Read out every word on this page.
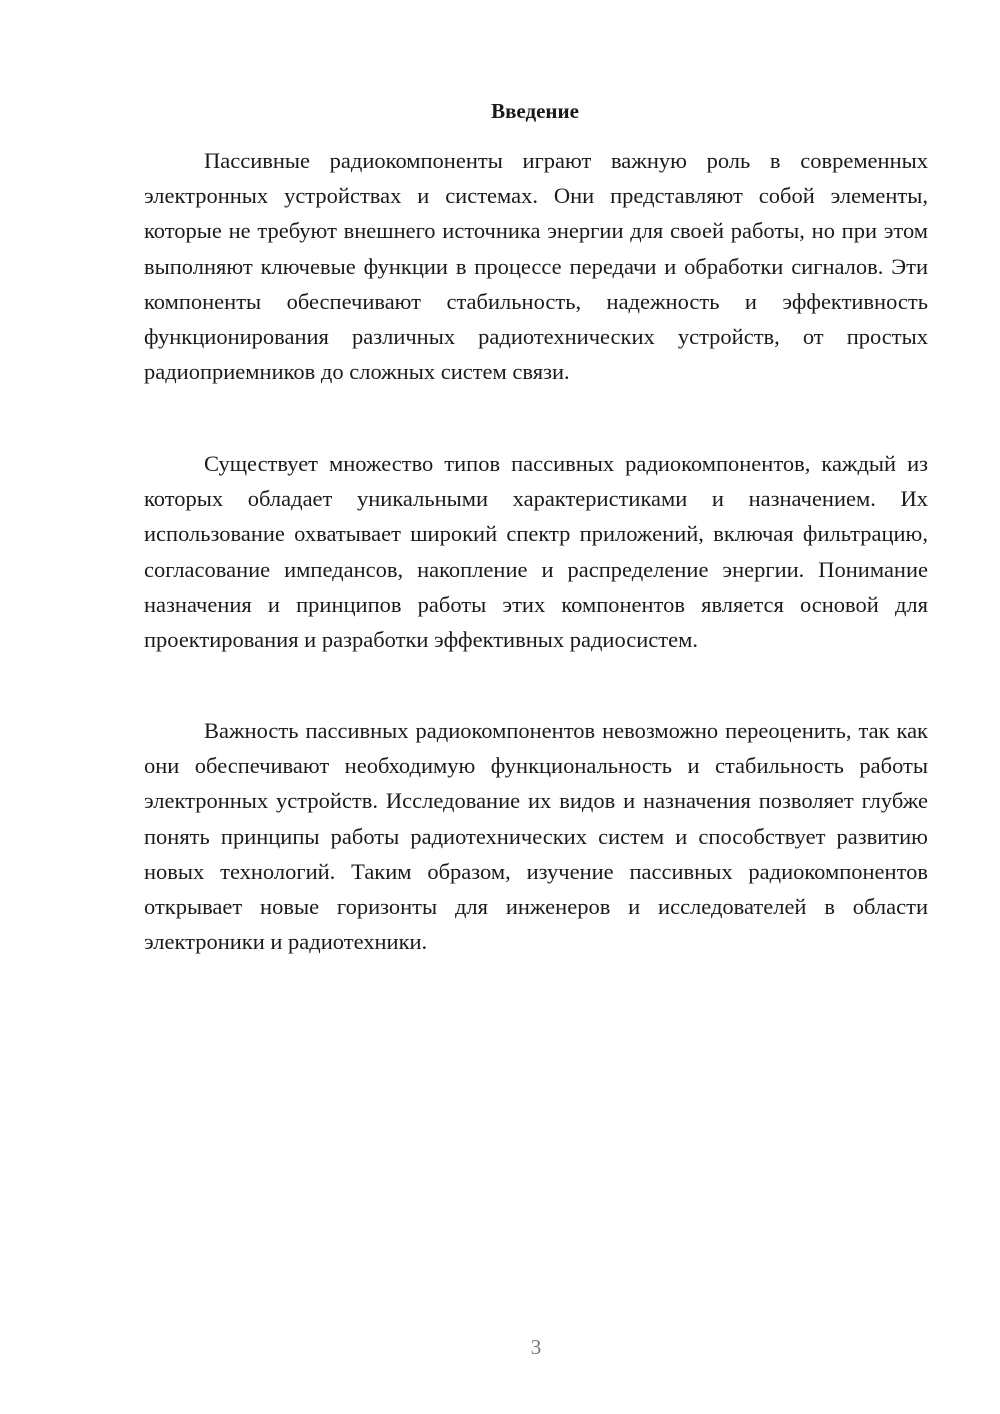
Введение

Пассивные радиокомпоненты играют важную роль в современных электронных устройствах и системах. Они представляют собой элементы, которые не требуют внешнего источника энергии для своей работы, но при этом выполняют ключевые функции в процессе передачи и обработки сигналов. Эти компоненты обеспечивают стабильность, надежность и эффективность функционирования различных радиотехнических устройств, от простых радиоприемников до сложных систем связи.

Существует множество типов пассивных радиокомпонентов, каждый из которых обладает уникальными характеристиками и назначением. Их использование охватывает широкий спектр приложений, включая фильтрацию, согласование импедансов, накопление и распределение энергии. Понимание назначения и принципов работы этих компонентов является основой для проектирования и разработки эффективных радиосистем.

Важность пассивных радиокомпонентов невозможно переоценить, так как они обеспечивают необходимую функциональность и стабильность работы электронных устройств. Исследование их видов и назначения позволяет глубже понять принципы работы радиотехнических систем и способствует развитию новых технологий. Таким образом, изучение пассивных радиокомпонентов открывает новые горизонты для инженеров и исследователей в области электроники и радиотехники.

3
